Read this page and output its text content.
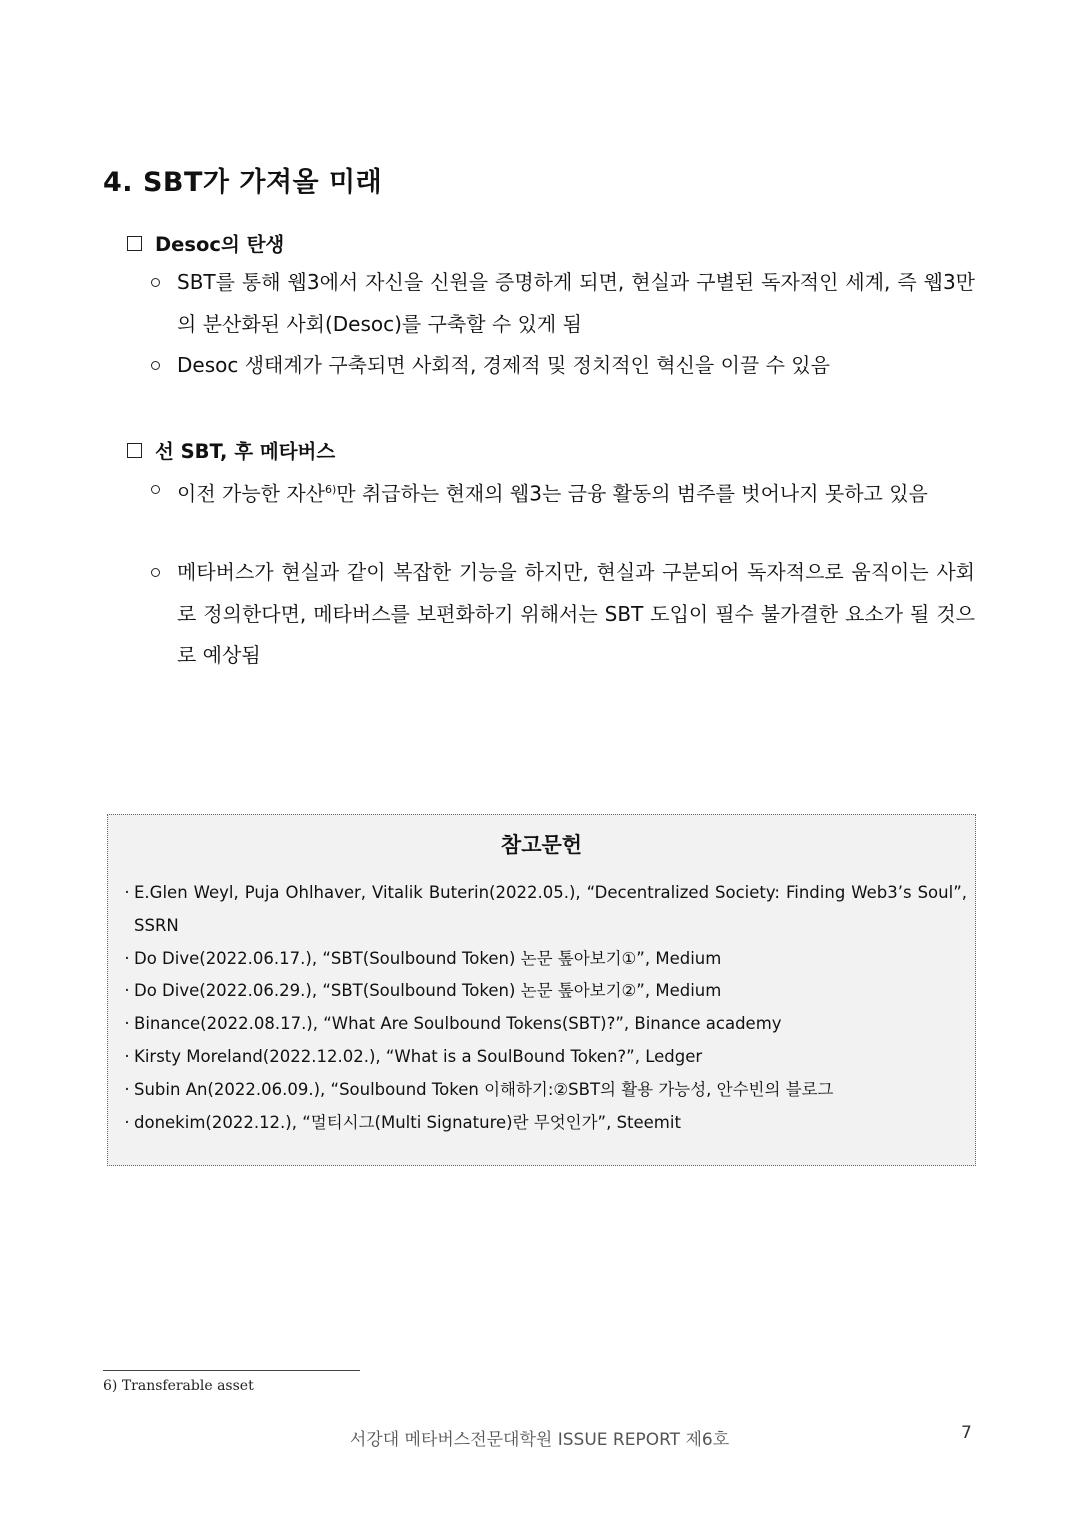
4. SBT가 가져올 미래
Desoc의 탄생
SBT를 통해 웹3에서 자신을 신원을 증명하게 되면, 현실과 구별된 독자적인 세계, 즉 웹3만의 분산화된 사회(Desoc)를 구축할 수 있게 됨
Desoc 생태계가 구축되면 사회적, 경제적 및 정치적인 혁신을 이끌 수 있음
선 SBT, 후 메타버스
이전 가능한 자산$^{6)}$만 취급하는 현재의 웹3는 금융 활동의 범주를 벗어나지 못하고 있음
메타버스가 현실과 같이 복잡한 기능을 하지만, 현실과 구분되어 독자적으로 움직이는 사회로 정의한다면, 메타버스를 보편화하기 위해서는 SBT 도입이 필수 불가결한 요소가 될 것으로 예상됨
참고문헌
· E.Glen Weyl, Puja Ohlhaver, Vitalik Buterin(2022.05.), “Decentralized Society: Finding Web3’s Soul”, SSRN
· Do Dive(2022.06.17.), “SBT(Soulbound Token) 논문 톺아보기①”, Medium
· Do Dive(2022.06.29.), “SBT(Soulbound Token) 논문 톺아보기②”, Medium
· Binance(2022.08.17.), “What Are Soulbound Tokens(SBT)?”, Binance academy
· Kirsty Moreland(2022.12.02.), “What is a SoulBound Token?”, Ledger
· Subin An(2022.06.09.), “Soulbound Token 이해하기:②SBT의 활용 가능성, 안수빈의 블로그
· donekim(2022.12.), “멀티시그(Multi Signature)란 무엇인가”, Steemit
6) Transferable asset
서강대 메타버스전문대학원 ISSUE REPORT 제6호	7
